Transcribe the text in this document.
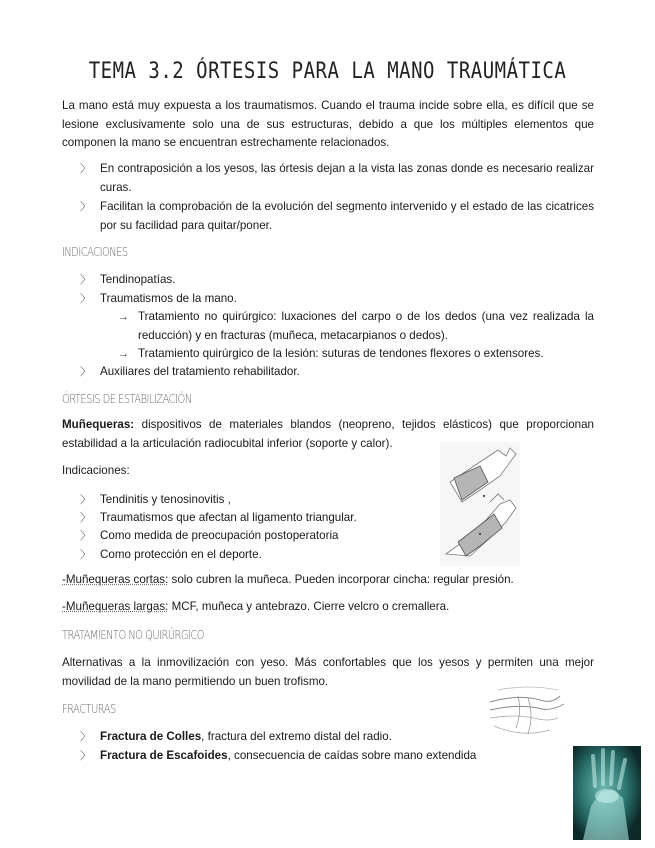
TEMA 3.2 ÓRTESIS PARA LA MANO TRAUMÁTICA
La mano está muy expuesta a los traumatismos. Cuando el trauma incide sobre ella, es difícil que se lesione exclusivamente solo una de sus estructuras, debido a que los múltiples elementos que componen la mano se encuentran estrechamente relacionados.
〉 En contraposición a los yesos, las órtesis dejan a la vista las zonas donde es necesario realizar curas.
〉 Facilitan la comprobación de la evolución del segmento intervenido y el estado de las cicatrices por su facilidad para quitar/poner.
INDICACIONES
〉 Tendinopatías.
〉 Traumatismos de la mano.
→ Tratamiento no quirúrgico: luxaciones del carpo o de los dedos (una vez realizada la reducción) y en fracturas (muñeca, metacarpianos o dedos).
→ Tratamiento quirúrgico de la lesión: suturas de tendones flexores o extensores.
〉 Auxiliares del tratamiento rehabilitador.
ÓRTESIS DE ESTABILIZACIÓN
Muñequeras: dispositivos de materiales blandos (neopreno, tejidos elásticos) que proporcionan estabilidad a la articulación radiocubital inferior (soporte y calor).
Indicaciones:
〉 Tendinitis y tenosinovitis ,
〉 Traumatismos que afectan al ligamento triangular.
〉 Como medida de preocupación postoperatoria
〉 Como protección en el deporte.
-Muñequeras cortas: solo cubren la muñeca. Pueden incorporar cincha: regular presión.
-Muñequeras largas: MCF, muñeca y antebrazo. Cierre velcro o cremallera.
TRATAMIENTO NO QUIRÚRGICO
Alternativas a la inmovilización con yeso. Más confortables que los yesos y permiten una mejor movilidad de la mano permitiendo un buen trofismo.
FRACTURAS
〉 Fractura de Colles, fractura del extremo distal del radio.
〉 Fractura de Escafoides, consecuencia de caídas sobre mano extendida
